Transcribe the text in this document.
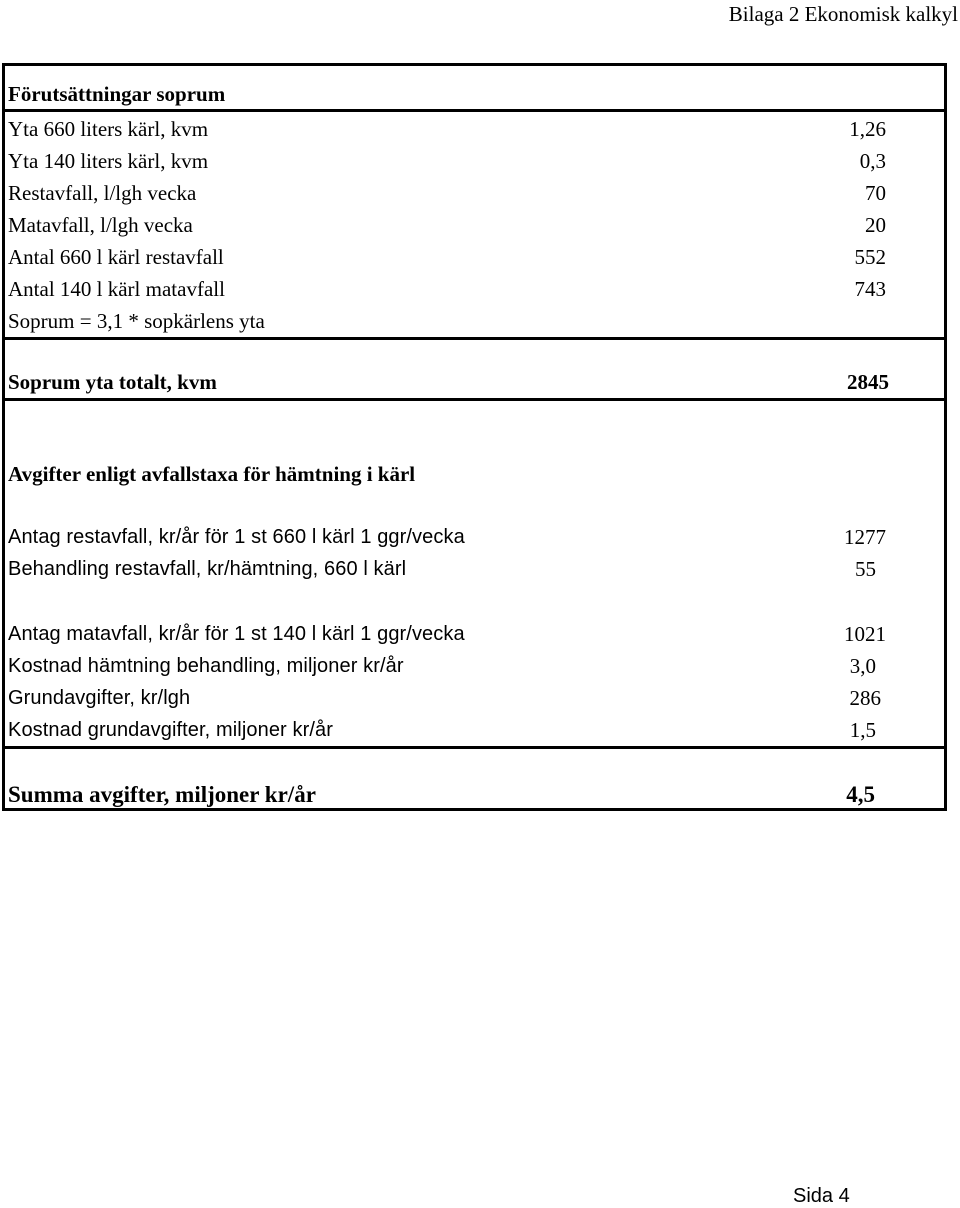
Bilaga 2 Ekonomisk kalkyl
Förutsättningar soprum
Yta 660 liters kärl, kvm	1,26
Yta 140 liters kärl, kvm	0,3
Restavfall, l/lgh vecka	70
Matavfall, l/lgh vecka	20
Antal 660 l kärl restavfall	552
Antal 140 l kärl matavfall	743
Soprum = 3,1 * sopkärlens yta
Soprum yta totalt, kvm	2845
Avgifter enligt avfallstaxa för hämtning i kärl
Antag restavfall, kr/år för 1 st 660 l kärl 1 ggr/vecka	1277
Behandling restavfall, kr/hämtning, 660 l kärl	55
Antag matavfall, kr/år för 1 st 140 l kärl 1 ggr/vecka	1021
Kostnad hämtning behandling, miljoner kr/år	3,0
Grundavgifter, kr/lgh	286
Kostnad grundavgifter, miljoner kr/år	1,5
Summa avgifter, miljoner kr/år	4,5
Sida 4
